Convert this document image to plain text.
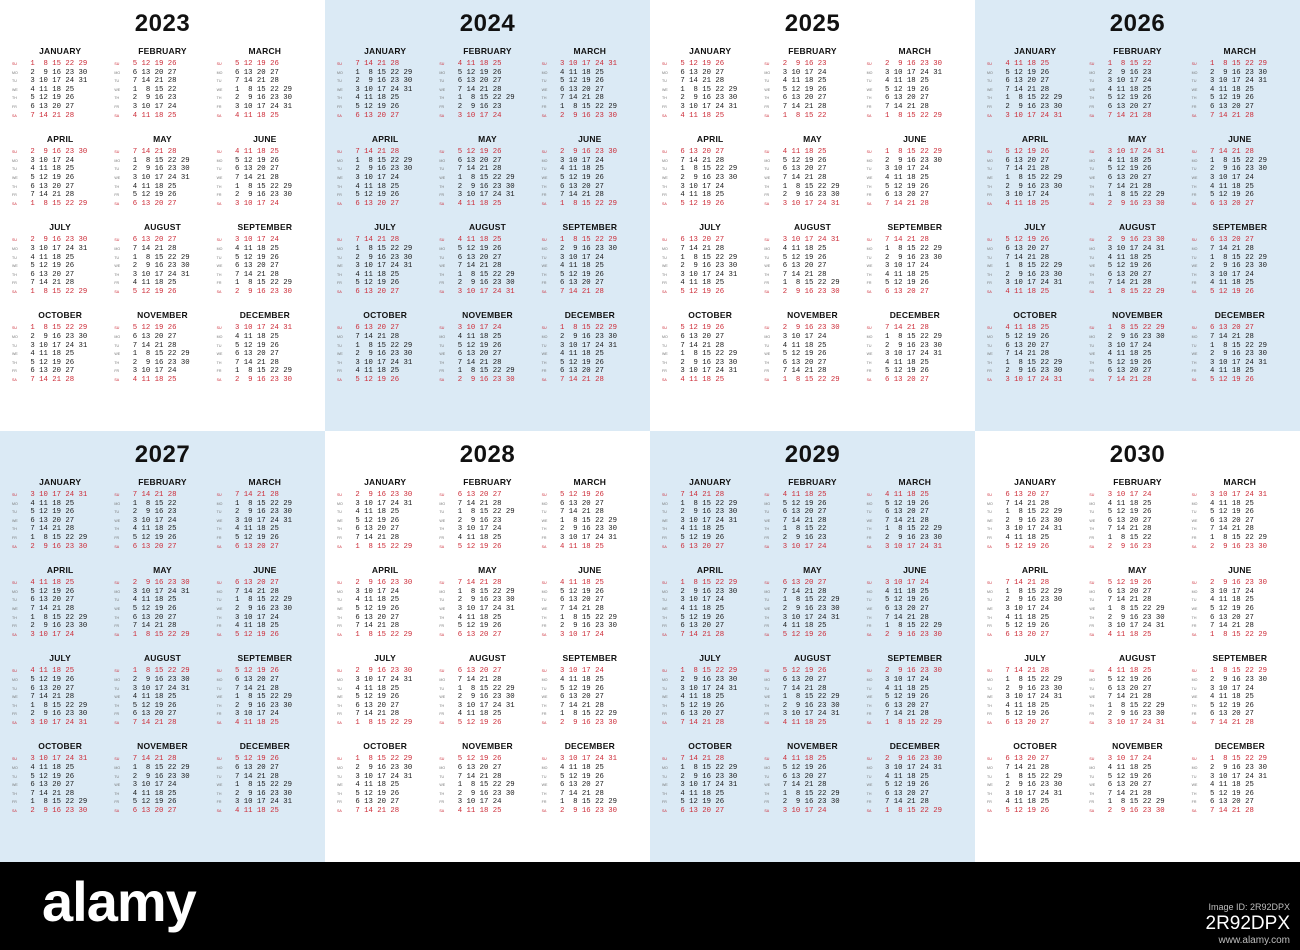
2023
JANUARY
SU	1  8 15 22 29
MO	2  9 16 23 30
TU	3 10 17 24 31
WE	4 11 18 25
TH	5 12 19 26
FR	6 13 20 27
SA	7 14 21 28
FEBRUARY
SU	5 12 19 26
MO	6 13 20 27
TU	7 14 21 28
WE	1  8 15 22
TH	2  9 16 23
FR	3 10 17 24
SA	4 11 18 25
MARCH
SU	5 12 19 26
MO	6 13 20 27
TU	7 14 21 28
WE	1  8 15 22 29
TH	2  9 16 23 30
FR	3 10 17 24 31
SA	4 11 18 25
APRIL
SU	2  9 16 23 30
MO	3 10 17 24
TU	4 11 18 25
WE	5 12 19 26
TH	6 13 20 27
FR	7 14 21 28
SA	1  8 15 22 29
MAY
SU	7 14 21 28
MO	1  8 15 22 29
TU	2  9 16 23 30
WE	3 10 17 24 31
TH	4 11 18 25
FR	5 12 19 26
SA	6 13 20 27
JUNE
SU	4 11 18 25
MO	5 12 19 26
TU	6 13 20 27
WE	7 14 21 28
TH	1  8 15 22 29
FR	2  9 16 23 30
SA	3 10 17 24
JULY
SU	2  9 16 23 30
MO	3 10 17 24 31
TU	4 11 18 25
WE	5 12 19 26
TH	6 13 20 27
FR	7 14 21 28
SA	1  8 15 22 29
AUGUST
SU	6 13 20 27
MO	7 14 21 28
TU	1  8 15 22 29
WE	2  9 16 23 30
TH	3 10 17 24 31
FR	4 11 18 25
SA	5 12 19 26
SEPTEMBER
SU	3 10 17 24
MO	4 11 18 25
TU	5 12 19 26
WE	6 13 20 27
TH	7 14 21 28
FR	1  8 15 22 29
SA	2  9 16 23 30
OCTOBER
SU	1  8 15 22 29
MO	2  9 16 23 30
TU	3 10 17 24 31
WE	4 11 18 25
TH	5 12 19 26
FR	6 13 20 27
SA	7 14 21 28
NOVEMBER
SU	5 12 19 26
MO	6 13 20 27
TU	7 14 21 28
WE	1  8 15 22 29
TH	2  9 16 23 30
FR	3 10 17 24
SA	4 11 18 25
DECEMBER
SU	3 10 17 24 31
MO	4 11 18 25
TU	5 12 19 26
WE	6 13 20 27
TH	7 14 21 28
FR	1  8 15 22 29
SA	2  9 16 23 30
2024
JANUARY
SU	7 14 21 28
MO	1  8 15 22 29
TU	2  9 16 23 30
WE	3 10 17 24 31
TH	4 11 18 25
FR	5 12 19 26
SA	6 13 20 27
FEBRUARY
SU	4 11 18 25
MO	5 12 19 26
TU	6 13 20 27
WE	7 14 21 28
TH	1  8 15 22 29
FR	2  9 16 23
SA	3 10 17 24
MARCH
SU	3 10 17 24 31
MO	4 11 18 25
TU	5 12 19 26
WE	6 13 20 27
TH	7 14 21 28
FR	1  8 15 22 29
SA	2  9 16 23 30
APRIL
SU	7 14 21 28
MO	1  8 15 22 29
TU	2  9 16 23 30
WE	3 10 17 24
TH	4 11 18 25
FR	5 12 19 26
SA	6 13 20 27
MAY
SU	5 12 19 26
MO	6 13 20 27
TU	7 14 21 28
WE	1  8 15 22 29
TH	2  9 16 23 30
FR	3 10 17 24 31
SA	4 11 18 25
JUNE
SU	2  9 16 23 30
MO	3 10 17 24
TU	4 11 18 25
WE	5 12 19 26
TH	6 13 20 27
FR	7 14 21 28
SA	1  8 15 22 29
JULY
SU	7 14 21 28
MO	1  8 15 22 29
TU	2  9 16 23 30
WE	3 10 17 24 31
TH	4 11 18 25
FR	5 12 19 26
SA	6 13 20 27
AUGUST
SU	4 11 18 25
MO	5 12 19 26
TU	6 13 20 27
WE	7 14 21 28
TH	1  8 15 22 29
FR	2  9 16 23 30
SA	3 10 17 24 31
SEPTEMBER
SU	1  8 15 22 29
MO	2  9 16 23 30
TU	3 10 17 24
WE	4 11 18 25
TH	5 12 19 26
FR	6 13 20 27
SA	7 14 21 28
OCTOBER
SU	6 13 20 27
MO	7 14 21 28
TU	1  8 15 22 29
WE	2  9 16 23 30
TH	3 10 17 24 31
FR	4 11 18 25
SA	5 12 19 26
NOVEMBER
SU	3 10 17 24
MO	4 11 18 25
TU	5 12 19 26
WE	6 13 20 27
TH	7 14 21 28
FR	1  8 15 22 29
SA	2  9 16 23 30
DECEMBER
SU	1  8 15 22 29
MO	2  9 16 23 30
TU	3 10 17 24 31
WE	4 11 18 25
TH	5 12 19 26
FR	6 13 20 27
SA	7 14 21 28
2025
JANUARY
SU	5 12 19 26
MO	6 13 20 27
TU	7 14 21 28
WE	1  8 15 22 29
TH	2  9 16 23 30
FR	3 10 17 24 31
SA	4 11 18 25
FEBRUARY
SU	2  9 16 23
MO	3 10 17 24
TU	4 11 18 25
WE	5 12 19 26
TH	6 13 20 27
FR	7 14 21 28
SA	1  8 15 22
MARCH
SU	2  9 16 23 30
MO	3 10 17 24 31
TU	4 11 18 25
WE	5 12 19 26
TH	6 13 20 27
FR	7 14 21 28
SA	1  8 15 22 29
APRIL
SU	6 13 20 27
MO	7 14 21 28
TU	1  8 15 22 29
WE	2  9 16 23 30
TH	3 10 17 24
FR	4 11 18 25
SA	5 12 19 26
MAY
SU	4 11 18 25
MO	5 12 19 26
TU	6 13 20 27
WE	7 14 21 28
TH	1  8 15 22 29
FR	2  9 16 23 30
SA	3 10 17 24 31
JUNE
SU	1  8 15 22 29
MO	2  9 16 23 30
TU	3 10 17 24
WE	4 11 18 25
TH	5 12 19 26
FR	6 13 20 27
SA	7 14 21 28
JULY
SU	6 13 20 27
MO	7 14 21 28
TU	1  8 15 22 29
WE	2  9 16 23 30
TH	3 10 17 24 31
FR	4 11 18 25
SA	5 12 19 26
AUGUST
SU	3 10 17 24 31
MO	4 11 18 25
TU	5 12 19 26
WE	6 13 20 27
TH	7 14 21 28
FR	1  8 15 22 29
SA	2  9 16 23 30
SEPTEMBER
SU	7 14 21 28
MO	1  8 15 22 29
TU	2  9 16 23 30
WE	3 10 17 24
TH	4 11 18 25
FR	5 12 19 26
SA	6 13 20 27
OCTOBER
SU	5 12 19 26
MO	6 13 20 27
TU	7 14 21 28
WE	1  8 15 22 29
TH	2  9 16 23 30
FR	3 10 17 24 31
SA	4 11 18 25
NOVEMBER
SU	2  9 16 23 30
MO	3 10 17 24
TU	4 11 18 25
WE	5 12 19 26
TH	6 13 20 27
FR	7 14 21 28
SA	1  8 15 22 29
DECEMBER
SU	7 14 21 28
MO	1  8 15 22 29
TU	2  9 16 23 30
WE	3 10 17 24 31
TH	4 11 18 25
FR	5 12 19 26
SA	6 13 20 27
2026
JANUARY
SU	4 11 18 25
MO	5 12 19 26
TU	6 13 20 27
WE	7 14 21 28
TH	1  8 15 22 29
FR	2  9 16 23 30
SA	3 10 17 24 31
FEBRUARY
SU	1  8 15 22
MO	2  9 16 23
TU	3 10 17 24
WE	4 11 18 25
TH	5 12 19 26
FR	6 13 20 27
SA	7 14 21 28
MARCH
SU	1  8 15 22 29
MO	2  9 16 23 30
TU	3 10 17 24 31
WE	4 11 18 25
TH	5 12 19 26
FR	6 13 20 27
SA	7 14 21 28
APRIL
SU	5 12 19 26
MO	6 13 20 27
TU	7 14 21 28
WE	1  8 15 22 29
TH	2  9 16 23 30
FR	3 10 17 24
SA	4 11 18 25
MAY
SU	3 10 17 24 31
MO	4 11 18 25
TU	5 12 19 26
WE	6 13 20 27
TH	7 14 21 28
FR	1  8 15 22 29
SA	2  9 16 23 30
JUNE
SU	7 14 21 28
MO	1  8 15 22 29
TU	2  9 16 23 30
WE	3 10 17 24
TH	4 11 18 25
FR	5 12 19 26
SA	6 13 20 27
JULY
SU	5 12 19 26
MO	6 13 20 27
TU	7 14 21 28
WE	1  8 15 22 29
TH	2  9 16 23 30
FR	3 10 17 24 31
SA	4 11 18 25
AUGUST
SU	2  9 16 23 30
MO	3 10 17 24 31
TU	4 11 18 25
WE	5 12 19 26
TH	6 13 20 27
FR	7 14 21 28
SA	1  8 15 22 29
SEPTEMBER
SU	6 13 20 27
MO	7 14 21 28
TU	1  8 15 22 29
WE	2  9 16 23 30
TH	3 10 17 24
FR	4 11 18 25
SA	5 12 19 26
OCTOBER
SU	4 11 18 25
MO	5 12 19 26
TU	6 13 20 27
WE	7 14 21 28
TH	1  8 15 22 29
FR	2  9 16 23 30
SA	3 10 17 24 31
NOVEMBER
SU	1  8 15 22 29
MO	2  9 16 23 30
TU	3 10 17 24
WE	4 11 18 25
TH	5 12 19 26
FR	6 13 20 27
SA	7 14 21 28
DECEMBER
SU	6 13 20 27
MO	7 14 21 28
TU	1  8 15 22 29
WE	2  9 16 23 30
TH	3 10 17 24 31
FR	4 11 18 25
SA	5 12 19 26
2027
JANUARY
SU	3 10 17 24 31
MO	4 11 18 25
TU	5 12 19 26
WE	6 13 20 27
TH	7 14 21 28
FR	1  8 15 22 29
SA	2  9 16 23 30
FEBRUARY
SU	7 14 21 28
MO	1  8 15 22
TU	2  9 16 23
WE	3 10 17 24
TH	4 11 18 25
FR	5 12 19 26
SA	6 13 20 27
MARCH
SU	7 14 21 28
MO	1  8 15 22 29
TU	2  9 16 23 30
WE	3 10 17 24 31
TH	4 11 18 25
FR	5 12 19 26
SA	6 13 20 27
APRIL
SU	4 11 18 25
MO	5 12 19 26
TU	6 13 20 27
WE	7 14 21 28
TH	1  8 15 22 29
FR	2  9 16 23 30
SA	3 10 17 24
MAY
SU	2  9 16 23 30
MO	3 10 17 24 31
TU	4 11 18 25
WE	5 12 19 26
TH	6 13 20 27
FR	7 14 21 28
SA	1  8 15 22 29
JUNE
SU	6 13 20 27
MO	7 14 21 28
TU	1  8 15 22 29
WE	2  9 16 23 30
TH	3 10 17 24
FR	4 11 18 25
SA	5 12 19 26
JULY
SU	4 11 18 25
MO	5 12 19 26
TU	6 13 20 27
WE	7 14 21 28
TH	1  8 15 22 29
FR	2  9 16 23 30
SA	3 10 17 24 31
AUGUST
SU	1  8 15 22 29
MO	2  9 16 23 30
TU	3 10 17 24 31
WE	4 11 18 25
TH	5 12 19 26
FR	6 13 20 27
SA	7 14 21 28
SEPTEMBER
SU	5 12 19 26
MO	6 13 20 27
TU	7 14 21 28
WE	1  8 15 22 29
TH	2  9 16 23 30
FR	3 10 17 24
SA	4 11 18 25
OCTOBER
SU	3 10 17 24 31
MO	4 11 18 25
TU	5 12 19 26
WE	6 13 20 27
TH	7 14 21 28
FR	1  8 15 22 29
SA	2  9 16 23 30
NOVEMBER
SU	7 14 21 28
MO	1  8 15 22 29
TU	2  9 16 23 30
WE	3 10 17 24
TH	4 11 18 25
FR	5 12 19 26
SA	6 13 20 27
DECEMBER
SU	5 12 19 26
MO	6 13 20 27
TU	7 14 21 28
WE	1  8 15 22 29
TH	2  9 16 23 30
FR	3 10 17 24 31
SA	4 11 18 25
2028
JANUARY
SU	2  9 16 23 30
MO	3 10 17 24 31
TU	4 11 18 25
WE	5 12 19 26
TH	6 13 20 27
FR	7 14 21 28
SA	1  8 15 22 29
FEBRUARY
SU	6 13 20 27
MO	7 14 21 28
TU	1  8 15 22 29
WE	2  9 16 23
TH	3 10 17 24
FR	4 11 18 25
SA	5 12 19 26
MARCH
SU	5 12 19 26
MO	6 13 20 27
TU	7 14 21 28
WE	1  8 15 22 29
TH	2  9 16 23 30
FR	3 10 17 24 31
SA	4 11 18 25
APRIL
SU	2  9 16 23 30
MO	3 10 17 24
TU	4 11 18 25
WE	5 12 19 26
TH	6 13 20 27
FR	7 14 21 28
SA	1  8 15 22 29
MAY
SU	7 14 21 28
MO	1  8 15 22 29
TU	2  9 16 23 30
WE	3 10 17 24 31
TH	4 11 18 25
FR	5 12 19 26
SA	6 13 20 27
JUNE
SU	4 11 18 25
MO	5 12 19 26
TU	6 13 20 27
WE	7 14 21 28
TH	1  8 15 22 29
FR	2  9 16 23 30
SA	3 10 17 24
JULY
SU	2  9 16 23 30
MO	3 10 17 24 31
TU	4 11 18 25
WE	5 12 19 26
TH	6 13 20 27
FR	7 14 21 28
SA	1  8 15 22 29
AUGUST
SU	6 13 20 27
MO	7 14 21 28
TU	1  8 15 22 29
WE	2  9 16 23 30
TH	3 10 17 24 31
FR	4 11 18 25
SA	5 12 19 26
SEPTEMBER
SU	3 10 17 24
MO	4 11 18 25
TU	5 12 19 26
WE	6 13 20 27
TH	7 14 21 28
FR	1  8 15 22 29
SA	2  9 16 23 30
OCTOBER
SU	1  8 15 22 29
MO	2  9 16 23 30
TU	3 10 17 24 31
WE	4 11 18 25
TH	5 12 19 26
FR	6 13 20 27
SA	7 14 21 28
NOVEMBER
SU	5 12 19 26
MO	6 13 20 27
TU	7 14 21 28
WE	1  8 15 22 29
TH	2  9 16 23 30
FR	3 10 17 24
SA	4 11 18 25
DECEMBER
SU	3 10 17 24 31
MO	4 11 18 25
TU	5 12 19 26
WE	6 13 20 27
TH	7 14 21 28
FR	1  8 15 22 29
SA	2  9 16 23 30
2029
JANUARY
SU	7 14 21 28
MO	1  8 15 22 29
TU	2  9 16 23 30
WE	3 10 17 24 31
TH	4 11 18 25
FR	5 12 19 26
SA	6 13 20 27
FEBRUARY
SU	4 11 18 25
MO	5 12 19 26
TU	6 13 20 27
WE	7 14 21 28
TH	1  8 15 22
FR	2  9 16 23
SA	3 10 17 24
MARCH
SU	4 11 18 25
MO	5 12 19 26
TU	6 13 20 27
WE	7 14 21 28
TH	1  8 15 22 29
FR	2  9 16 23 30
SA	3 10 17 24 31
APRIL
SU	1  8 15 22 29
MO	2  9 16 23 30
TU	3 10 17 24
WE	4 11 18 25
TH	5 12 19 26
FR	6 13 20 27
SA	7 14 21 28
MAY
SU	6 13 20 27
MO	7 14 21 28
TU	1  8 15 22 29
WE	2  9 16 23 30
TH	3 10 17 24 31
FR	4 11 18 25
SA	5 12 19 26
JUNE
SU	3 10 17 24
MO	4 11 18 25
TU	5 12 19 26
WE	6 13 20 27
TH	7 14 21 28
FR	1  8 15 22 29
SA	2  9 16 23 30
JULY
SU	1  8 15 22 29
MO	2  9 16 23 30
TU	3 10 17 24 31
WE	4 11 18 25
TH	5 12 19 26
FR	6 13 20 27
SA	7 14 21 28
AUGUST
SU	5 12 19 26
MO	6 13 20 27
TU	7 14 21 28
WE	1  8 15 22 29
TH	2  9 16 23 30
FR	3 10 17 24 31
SA	4 11 18 25
SEPTEMBER
SU	2  9 16 23 30
MO	3 10 17 24
TU	4 11 18 25
WE	5 12 19 26
TH	6 13 20 27
FR	7 14 21 28
SA	1  8 15 22 29
OCTOBER
SU	7 14 21 28
MO	1  8 15 22 29
TU	2  9 16 23 30
WE	3 10 17 24 31
TH	4 11 18 25
FR	5 12 19 26
SA	6 13 20 27
NOVEMBER
SU	4 11 18 25
MO	5 12 19 26
TU	6 13 20 27
WE	7 14 21 28
TH	1  8 15 22 29
FR	2  9 16 23 30
SA	3 10 17 24
DECEMBER
SU	2  9 16 23 30
MO	3 10 17 24 31
TU	4 11 18 25
WE	5 12 19 26
TH	6 13 20 27
FR	7 14 21 28
SA	1  8 15 22 29
2030
JANUARY
SU	6 13 20 27
MO	7 14 21 28
TU	1  8 15 22 29
WE	2  9 16 23 30
TH	3 10 17 24 31
FR	4 11 18 25
SA	5 12 19 26
FEBRUARY
SU	3 10 17 24
MO	4 11 18 25
TU	5 12 19 26
WE	6 13 20 27
TH	7 14 21 28
FR	1  8 15 22
SA	2  9 16 23
MARCH
SU	3 10 17 24 31
MO	4 11 18 25
TU	5 12 19 26
WE	6 13 20 27
TH	7 14 21 28
FR	1  8 15 22 29
SA	2  9 16 23 30
APRIL
SU	7 14 21 28
MO	1  8 15 22 29
TU	2  9 16 23 30
WE	3 10 17 24
TH	4 11 18 25
FR	5 12 19 26
SA	6 13 20 27
MAY
SU	5 12 19 26
MO	6 13 20 27
TU	7 14 21 28
WE	1  8 15 22 29
TH	2  9 16 23 30
FR	3 10 17 24 31
SA	4 11 18 25
JUNE
SU	2  9 16 23 30
MO	3 10 17 24
TU	4 11 18 25
WE	5 12 19 26
TH	6 13 20 27
FR	7 14 21 28
SA	1  8 15 22 29
JULY
SU	7 14 21 28
MO	1  8 15 22 29
TU	2  9 16 23 30
WE	3 10 17 24 31
TH	4 11 18 25
FR	5 12 19 26
SA	6 13 20 27
AUGUST
SU	4 11 18 25
MO	5 12 19 26
TU	6 13 20 27
WE	7 14 21 28
TH	1  8 15 22 29
FR	2  9 16 23 30
SA	3 10 17 24 31
SEPTEMBER
SU	1  8 15 22 29
MO	2  9 16 23 30
TU	3 10 17 24
WE	4 11 18 25
TH	5 12 19 26
FR	6 13 20 27
SA	7 14 21 28
OCTOBER
SU	6 13 20 27
MO	7 14 21 28
TU	1  8 15 22 29
WE	2  9 16 23 30
TH	3 10 17 24 31
FR	4 11 18 25
SA	5 12 19 26
NOVEMBER
SU	3 10 17 24
MO	4 11 18 25
TU	5 12 19 26
WE	6 13 20 27
TH	7 14 21 28
FR	1  8 15 22 29
SA	2  9 16 23 30
DECEMBER
SU	1  8 15 22 29
MO	2  9 16 23 30
TU	3 10 17 24 31
WE	4 11 18 25
TH	5 12 19 26
FR	6 13 20 27
SA	7 14 21 28
alamy	Image ID: 2R92DPX
2R92DPX
www.alamy.com
